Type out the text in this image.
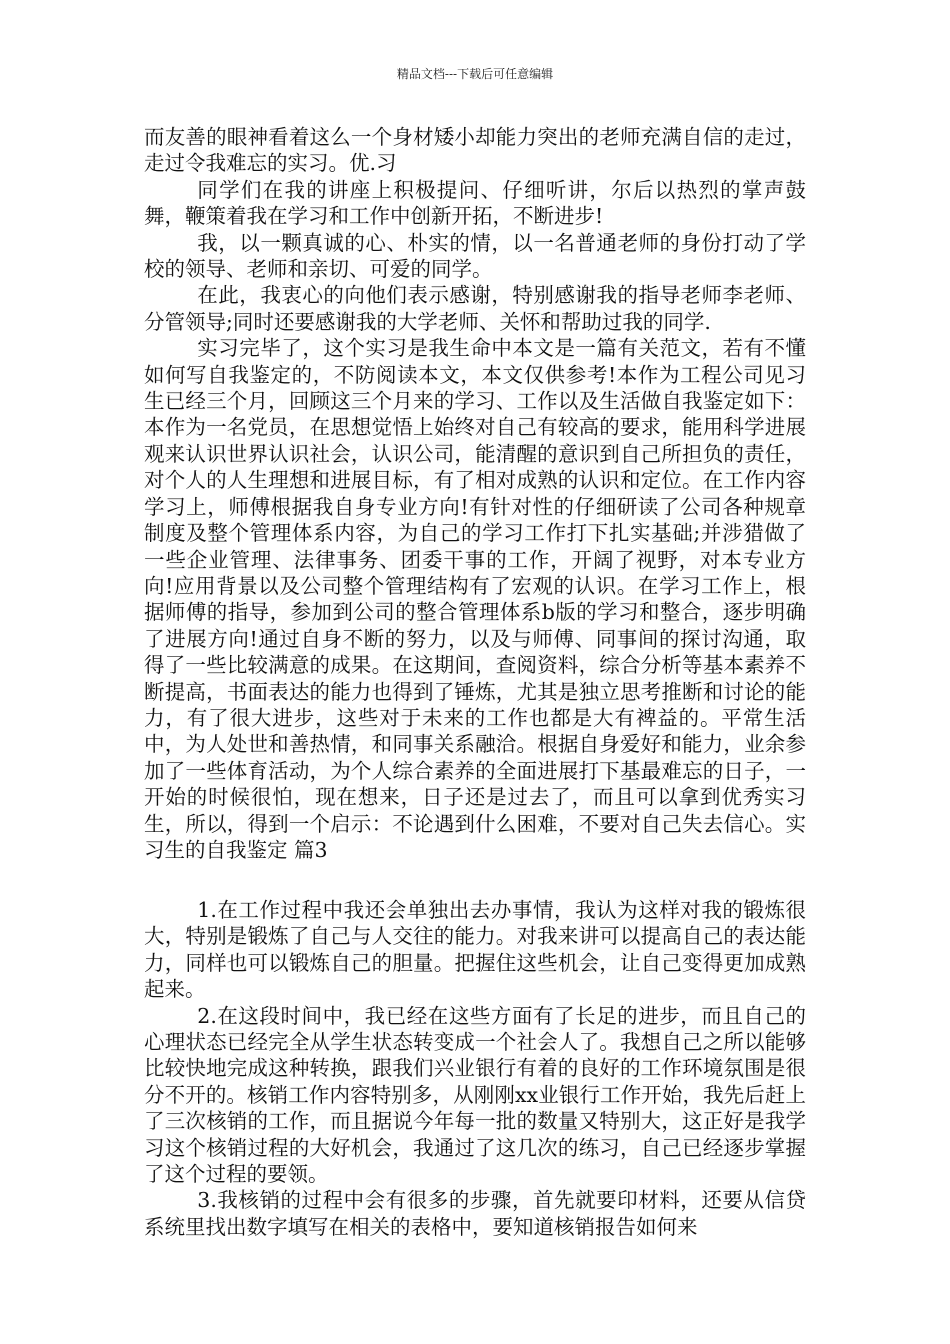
精品文档---下载后可任意编辑

而友善的眼神看着这么一个身材矮小却能力突出的老师充满自信的走过，走过令我难忘的实习。优.习

同学们在我的讲座上积极提问、仔细听讲，尔后以热烈的掌声鼓舞，鞭策着我在学习和工作中创新开拓，不断进步!

我，以一颗真诚的心、朴实的情，以一名普通老师的身份打动了学校的领导、老师和亲切、可爱的同学。

在此，我衷心的向他们表示感谢，特别感谢我的指导老师李老师、分管领导;同时还要感谢我的大学老师、关怀和帮助过我的同学.

实习完毕了，这个实习是我生命中本文是一篇有关范文，若有不懂如何写自我鉴定的，不防阅读本文，本文仅供参考!本作为工程公司见习生已经三个月，回顾这三个月来的学习、工作以及生活做自我鉴定如下： 本作为一名党员，在思想觉悟上始终对自己有较高的要求，能用科学进展观来认识世界认识社会，认识公司，能清醒的意识到自己所担负的责任，对个人的人生理想和进展目标，有了相对成熟的认识和定位。在工作内容学习上，师傅根据我自身专业方向!有针对性的仔细研读了公司各种规章制度及整个管理体系内容，为自己的学习工作打下扎实基础;并涉猎做了一些企业管理、法律事务、团委干事的工作，开阔了视野，对本专业方向!应用背景以及公司整个管理结构有了宏观的认识。在学习工作上，根据师傅的指导，参加到公司的整合管理体系b版的学习和整合，逐步明确了进展方向!通过自身不断的努力，以及与师傅、同事间的探讨沟通，取得了一些比较满意的成果。在这期间，查阅资料，综合分析等基本素养不断提高，书面表达的能力也得到了锤炼，尤其是独立思考推断和讨论的能力，有了很大进步，这些对于未来的工作也都是大有裨益的。平常生活中，为人处世和善热情，和同事关系融洽。根据自身爱好和能力，业余参加了一些体育活动，为个人综合素养的全面进展打下基最难忘的日子，一开始的时候很怕，现在想来，日子还是过去了，而且可以拿到优秀实习生，所以，得到一个启示：不论遇到什么困难，不要对自己失去信心。实习生的自我鉴定 篇3

1.在工作过程中我还会单独出去办事情，我认为这样对我的锻炼很大，特别是锻炼了自己与人交往的能力。对我来讲可以提高自己的表达能力，同样也可以锻炼自己的胆量。把握住这些机会，让自己变得更加成熟起来。

2.在这段时间中，我已经在这些方面有了长足的进步，而且自己的心理状态已经完全从学生状态转变成一个社会人了。我想自己之所以能够比较快地完成这种转换，跟我们兴业银行有着的良好的工作环境氛围是很分不开的。核销工作内容特别多，从刚刚xx业银行工作开始，我先后赶上了三次核销的工作，而且据说今年每一批的数量又特别大，这正好是我学习这个核销过程的大好机会，我通过了这几次的练习，自己已经逐步掌握了这个过程的要领。

3.我核销的过程中会有很多的步骤，首先就要印材料，还要从信贷系统里找出数字填写在相关的表格中，要知道核销报告如何来
